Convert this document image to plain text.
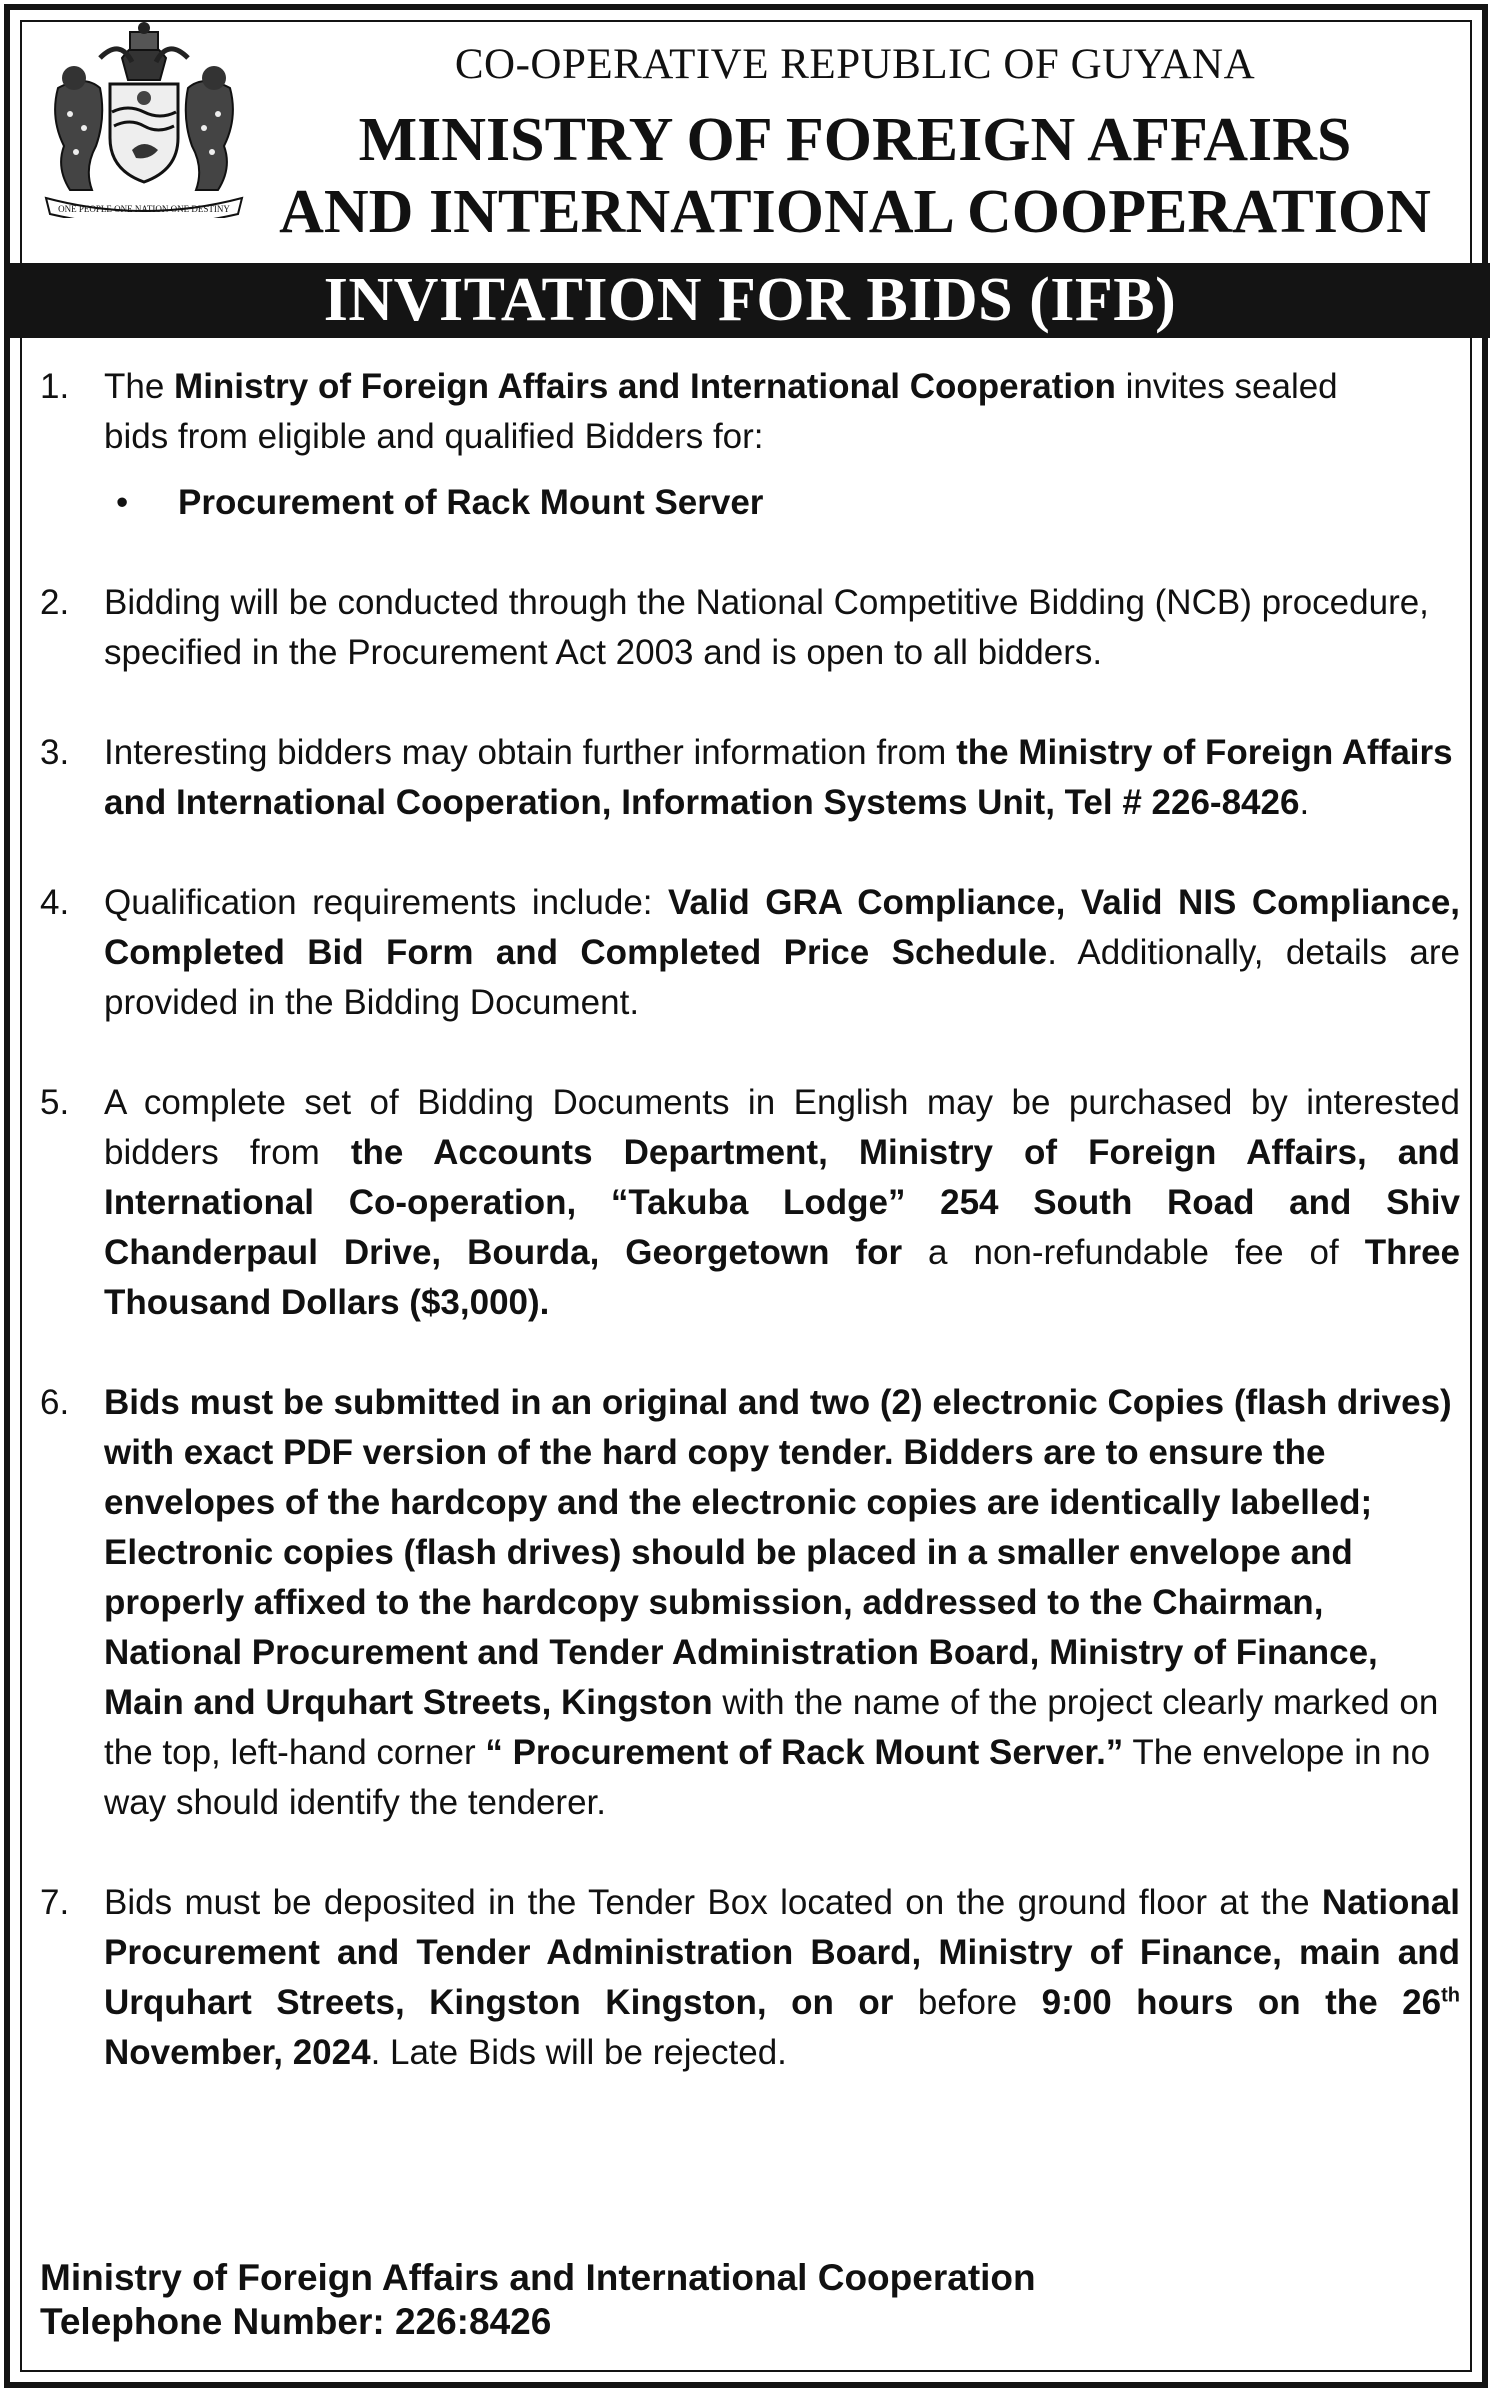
ONE PEOPLE ONE NATION ONE DESTINY
CO-OPERATIVE REPUBLIC OF GUYANA
MINISTRY OF FOREIGN AFFAIRS
AND INTERNATIONAL COOPERATION
INVITATION FOR BIDS (IFB)
1. The Ministry of Foreign Affairs and International Cooperation invites sealed bids from eligible and qualified Bidders for:
• Procurement of Rack Mount Server
2. Bidding will be conducted through the National Competitive Bidding (NCB) procedure, specified in the Procurement Act 2003 and is open to all bidders.
3. Interesting bidders may obtain further information from the Ministry of Foreign Affairs and International Cooperation, Information Systems Unit, Tel # 226-8426.
4. Qualification requirements include: Valid GRA Compliance, Valid NIS Compliance, Completed Bid Form and Completed Price Schedule. Additionally, details are provided in the Bidding Document.
5. A complete set of Bidding Documents in English may be purchased by interested bidders from the Accounts Department, Ministry of Foreign Affairs, and International Co-operation, “Takuba Lodge” 254 South Road and Shiv Chanderpaul Drive, Bourda, Georgetown for a non-refundable fee of Three Thousand Dollars ($3,000).
6. Bids must be submitted in an original and two (2) electronic Copies (flash drives) with exact PDF version of the hard copy tender. Bidders are to ensure the envelopes of the hardcopy and the electronic copies are identically labelled; Electronic copies (flash drives) should be placed in a smaller envelope and properly affixed to the hardcopy submission, addressed to the Chairman, National Procurement and Tender Administration Board, Ministry of Finance, Main and Urquhart Streets, Kingston with the name of the project clearly marked on the top, left-hand corner “ Procurement of Rack Mount Server.” The envelope in no way should identify the tenderer.
7. Bids must be deposited in the Tender Box located on the ground floor at the National Procurement and Tender Administration Board, Ministry of Finance, main and Urquhart Streets, Kingston Kingston, on or before 9:00 hours on the 26th November, 2024. Late Bids will be rejected.
Ministry of Foreign Affairs and International Cooperation
Telephone Number: 226:8426
